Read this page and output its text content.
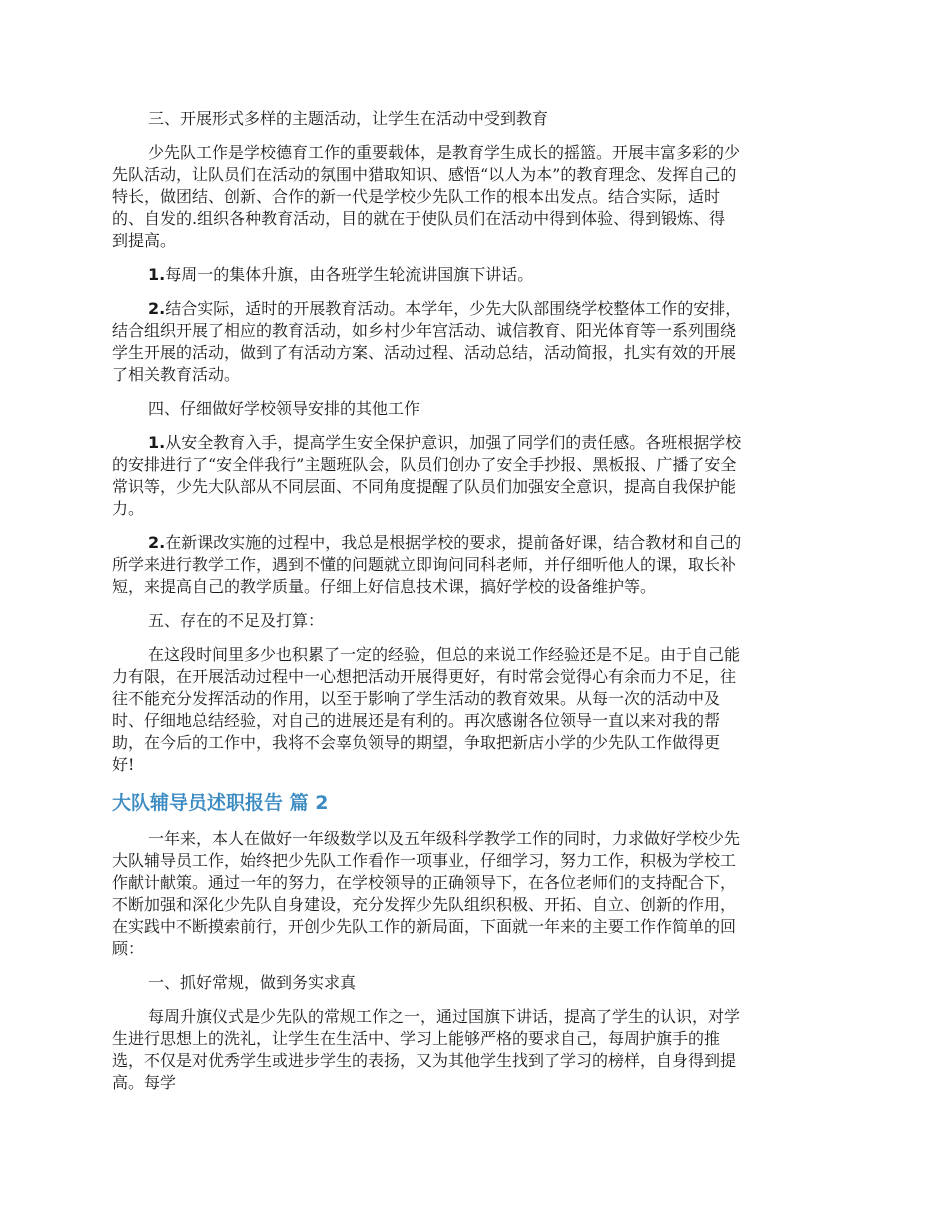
三、开展形式多样的主题活动，让学生在活动中受到教育

少先队工作是学校德育工作的重要载体，是教育学生成长的摇篮。开展丰富多彩的少

先队活动，让队员们在活动的氛围中猎取知识、感悟“以人为本”的教育理念、发挥自己的

特长，做团结、创新、合作的新一代是学校少先队工作的根本出发点。结合实际，适时

的、自发的.组织各种教育活动，目的就在于使队员们在活动中得到体验、得到锻炼、得

到提高。

1.每周一的集体升旗，由各班学生轮流讲国旗下讲话。

2.结合实际，适时的开展教育活动。本学年，少先大队部围绕学校整体工作的安排，

结合组织开展了相应的教育活动，如乡村少年宫活动、诚信教育、阳光体育等一系列围绕

学生开展的活动，做到了有活动方案、活动过程、活动总结，活动简报，扎实有效的开展

了相关教育活动。

四、仔细做好学校领导安排的其他工作

1.从安全教育入手，提高学生安全保护意识，加强了同学们的责任感。各班根据学校

的安排进行了“安全伴我行”主题班队会，队员们创办了安全手抄报、黑板报、广播了安全

常识等，少先大队部从不同层面、不同角度提醒了队员们加强安全意识，提高自我保护能

力。

2.在新课改实施的过程中，我总是根据学校的要求，提前备好课，结合教材和自己的

所学来进行教学工作，遇到不懂的问题就立即询问同科老师，并仔细听他人的课，取长补

短，来提高自己的教学质量。仔细上好信息技术课，搞好学校的设备维护等。

五、存在的不足及打算：

在这段时间里多少也积累了一定的经验，但总的来说工作经验还是不足。由于自己能

力有限，在开展活动过程中一心想把活动开展得更好，有时常会觉得心有余而力不足，往

往不能充分发挥活动的作用，以至于影响了学生活动的教育效果。从每一次的活动中及

时、仔细地总结经验，对自己的进展还是有利的。再次感谢各位领导一直以来对我的帮

助，在今后的工作中，我将不会辜负领导的期望，争取把新店小学的少先队工作做得更

好!

大队辅导员述职报告 篇 2

一年来，本人在做好一年级数学以及五年级科学教学工作的同时，力求做好学校少先

大队辅导员工作，始终把少先队工作看作一项事业，仔细学习，努力工作，积极为学校工

作献计献策。通过一年的努力，在学校领导的正确领导下，在各位老师们的支持配合下，

不断加强和深化少先队自身建设，充分发挥少先队组织积极、开拓、自立、创新的作用，

在实践中不断摸索前行，开创少先队工作的新局面，下面就一年来的主要工作作简单的回

顾：

一、抓好常规，做到务实求真

每周升旗仪式是少先队的常规工作之一，通过国旗下讲话，提高了学生的认识，对学

生进行思想上的洗礼，让学生在生活中、学习上能够严格的要求自己，每周护旗手的推

选，不仅是对优秀学生或进步学生的表扬，又为其他学生找到了学习的榜样，自身得到提

高。每学
